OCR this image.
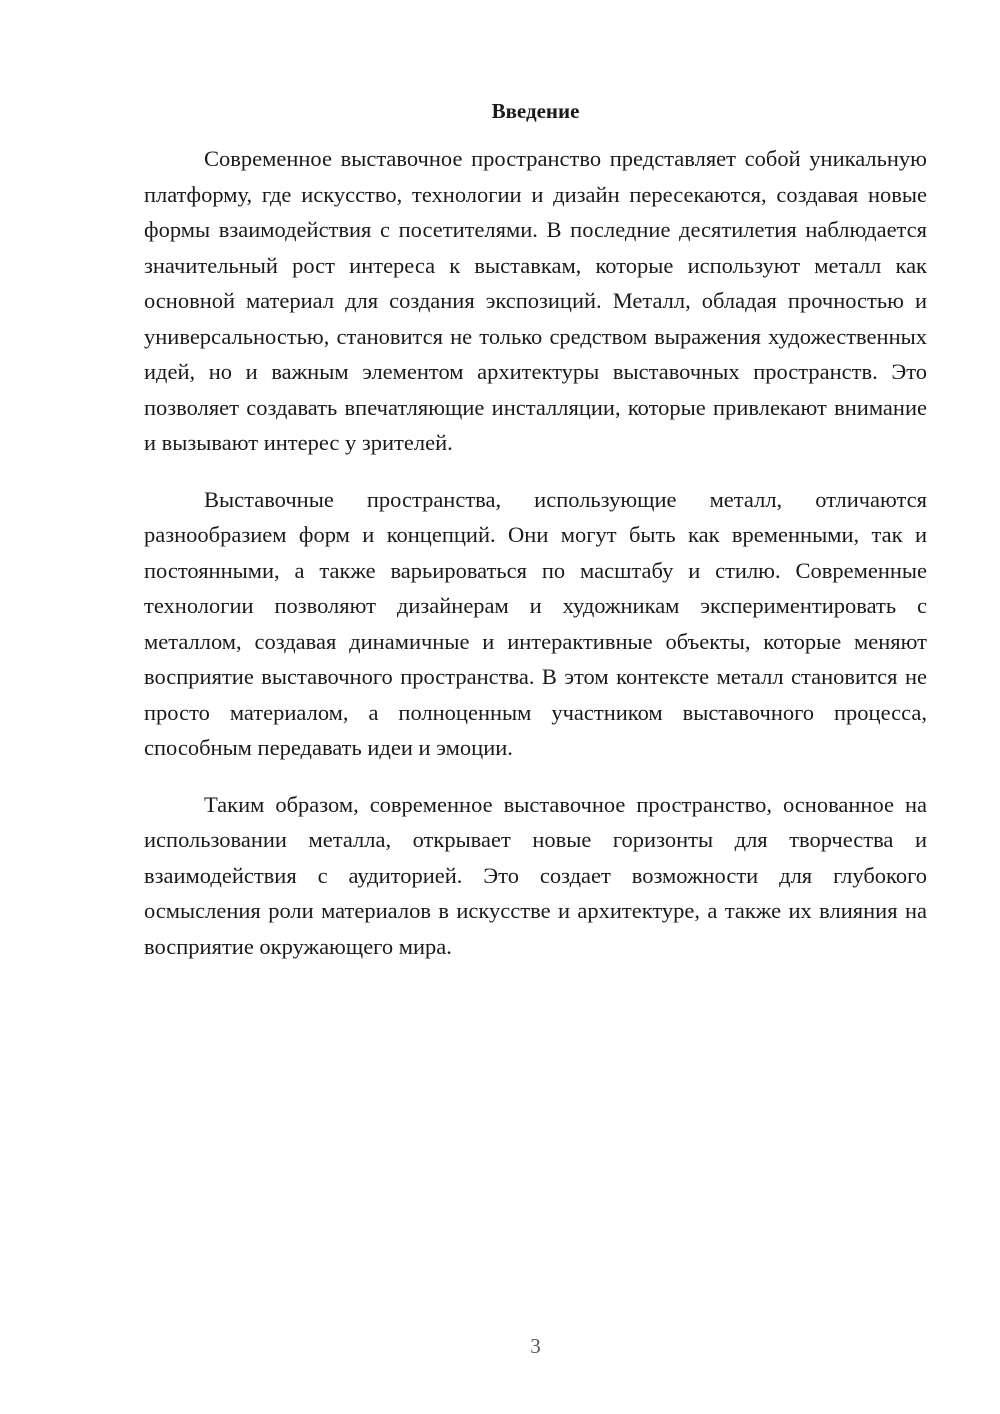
Введение

Современное выставочное пространство представляет собой уникальную платформу, где искусство, технологии и дизайн пересекаются, создавая новые формы взаимодействия с посетителями. В последние десятилетия наблюдается значительный рост интереса к выставкам, которые используют металл как основной материал для создания экспозиций. Металл, обладая прочностью и универсальностью, становится не только средством выражения художественных идей, но и важным элементом архитектуры выставочных пространств. Это позволяет создавать впечатляющие инсталляции, которые привлекают внимание и вызывают интерес у зрителей.

Выставочные пространства, использующие металл, отличаются разнообразием форм и концепций. Они могут быть как временными, так и постоянными, а также варьироваться по масштабу и стилю. Современные технологии позволяют дизайнерам и художникам экспериментировать с металлом, создавая динамичные и интерактивные объекты, которые меняют восприятие выставочного пространства. В этом контексте металл становится не просто материалом, а полноценным участником выставочного процесса, способным передавать идеи и эмоции.

Таким образом, современное выставочное пространство, основанное на использовании металла, открывает новые горизонты для творчества и взаимодействия с аудиторией. Это создает возможности для глубокого осмысления роли материалов в искусстве и архитектуре, а также их влияния на восприятие окружающего мира.

3
